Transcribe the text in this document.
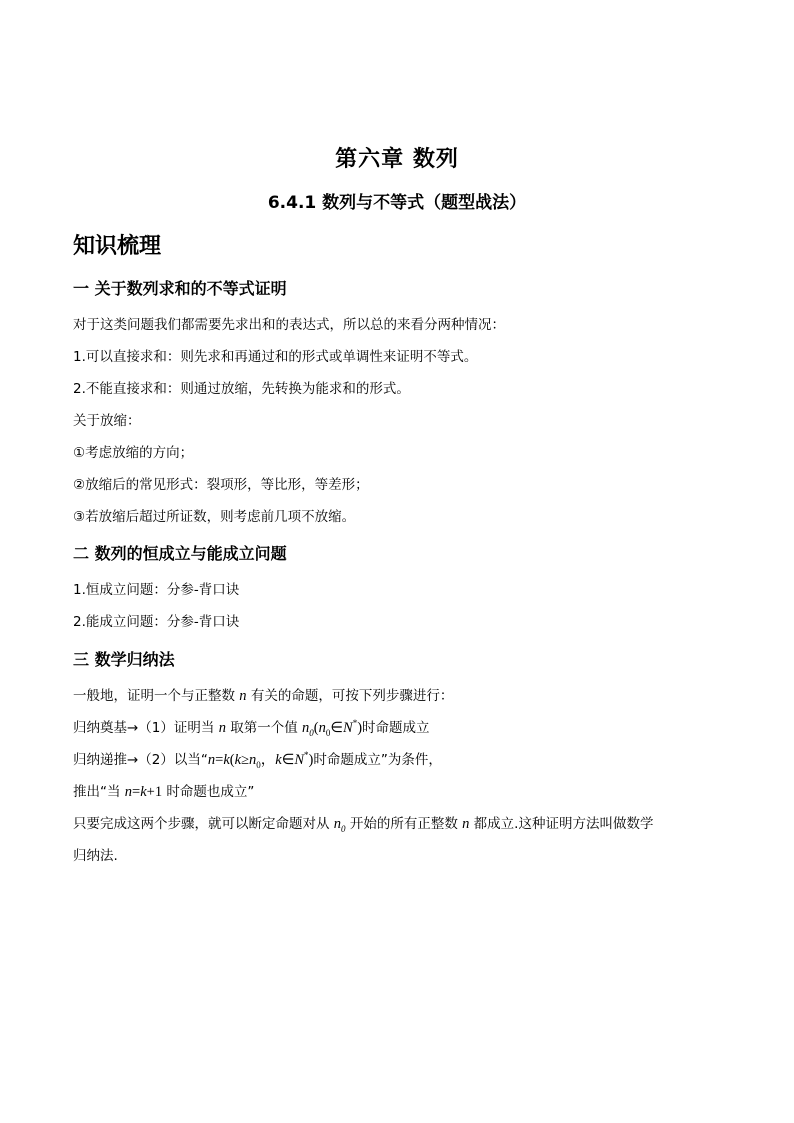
第六章 数列
6.4.1 数列与不等式（题型战法）
知识梳理
一 关于数列求和的不等式证明
对于这类问题我们都需要先求出和的表达式，所以总的来看分两种情况：
1.可以直接求和：则先求和再通过和的形式或单调性来证明不等式。
2.不能直接求和：则通过放缩，先转换为能求和的形式。
关于放缩：
①考虑放缩的方向；
②放缩后的常见形式：裂项形，等比形，等差形；
③若放缩后超过所证数，则考虑前几项不放缩。
二 数列的恒成立与能成立问题
1.恒成立问题：分参-背口诀
2.能成立问题：分参-背口诀
三 数学归纳法
一般地，证明一个与正整数 n 有关的命题，可按下列步骤进行：
归纳奠基→（1）证明当 n 取第一个值 $n_0(n_0\in N^*)$时命题成立
归纳递推→（2）以当“$n=k(k\ge n_0$，k∈N*)时命题成立”为条件，
推出“当 n=k+1 时命题也成立”
只要完成这两个步骤，就可以断定命题对从 $n_0$ 开始的所有正整数 n 都成立.这种证明方法叫做数学
归纳法.
